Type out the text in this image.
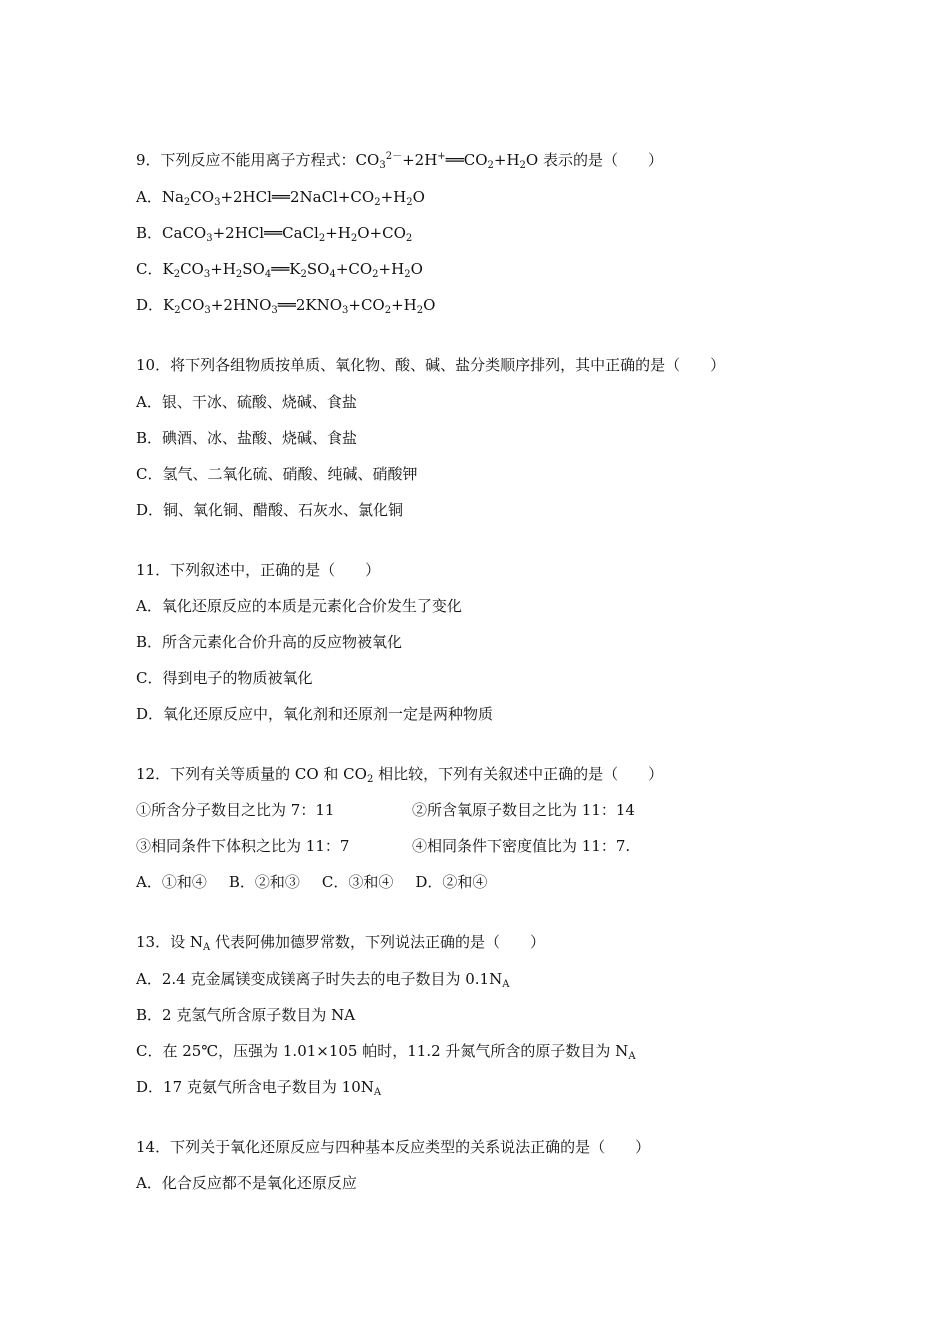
9．下列反应不能用离子方程式：$CO^{32-}+2H^+══CO_2+H_2O$ 表示的是（　　）
A．$Na_2CO_3+2HCl══2NaCl+CO_2+H_2O$
B．$CaCO_3+2HCl══CaCl_2+H_2O+CO_2$
C．$K_2CO_3+H_2SO_4══K_2SO_4+CO_2+H_2O$
D．$K_2CO_3+2HNO_3══2KNO_3+CO_2+H_2O$
10．将下列各组物质按单质、氧化物、酸、碱、盐分类顺序排列，其中正确的是（　　）
A．银、干冰、硫酸、烧碱、食盐
B．碘酒、冰、盐酸、烧碱、食盐
C．氢气、二氧化硫、硝酸、纯碱、硝酸钾
D．铜、氧化铜、醋酸、石灰水、氯化铜
11．下列叙述中，正确的是（　　）
A．氧化还原反应的本质是元素化合价发生了变化
B．所含元素化合价升高的反应物被氧化
C．得到电子的物质被氧化
D．氧化还原反应中，氧化剂和还原剂一定是两种物质
12．下列有关等质量的 CO 和 $CO_2$ 相比较，下列有关叙述中正确的是（　　）
①所含分子数目之比为 7：11	②所含氧原子数目之比为 11：14
③相同条件下体积之比为 11：7	④相同条件下密度值比为 11：7.
A．①和④ B．②和③ C．③和④ D．②和④
13．设 $N_A$ 代表阿佛加德罗常数，下列说法正确的是（　　）
A．2.4 克金属镁变成镁离子时失去的电子数目为 $0.1N_A$
B．2 克氢气所含原子数目为 NA
C．在 25℃，压强为 1.01×105 帕时，11.2 升氮气所含的原子数目为 $N_A$
D．17 克氨气所含电子数目为 $10N_A$
14．下列关于氧化还原反应与四种基本反应类型的关系说法正确的是（　　）
A．化合反应都不是氧化还原反应
